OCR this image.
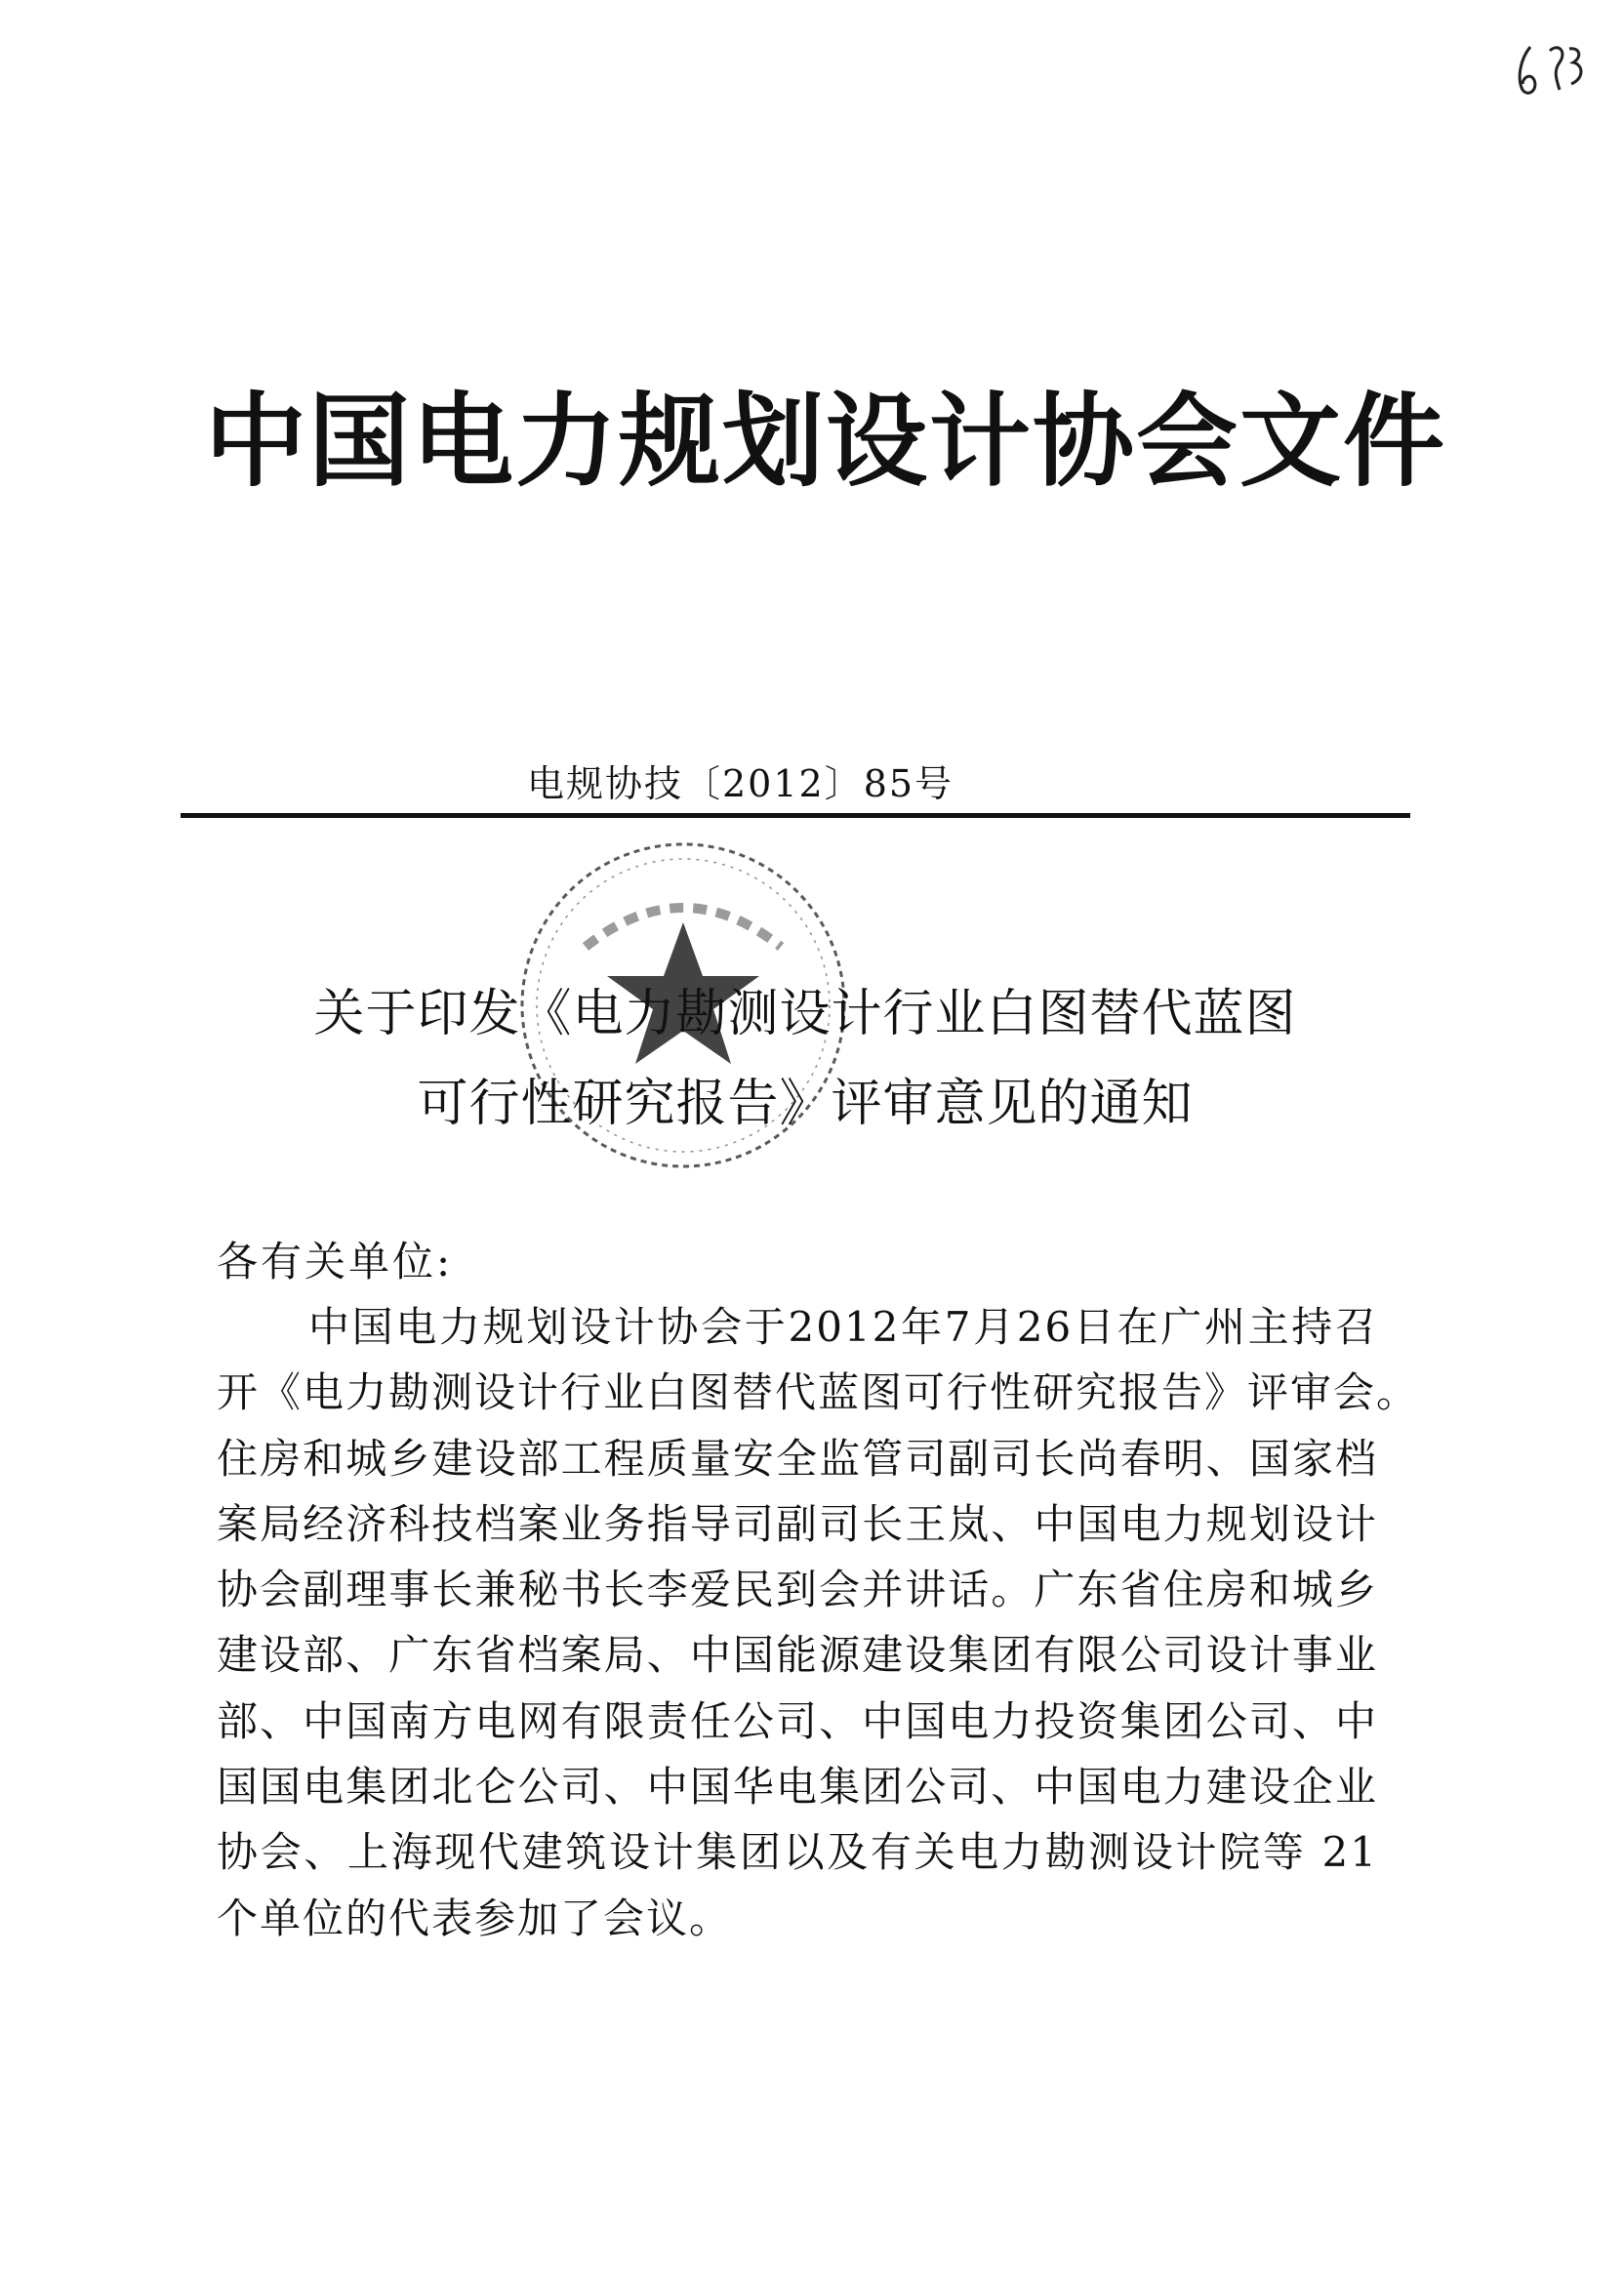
中国电力规划设计协会文件
电规协技〔2012〕85号
关于印发《电力勘测设计行业白图替代蓝图
可行性研究报告》评审意见的通知
各有关单位:
中国电力规划设计协会于2012年7月26日在广州主持召
开《电力勘测设计行业白图替代蓝图可行性研究报告》评审会。
住房和城乡建设部工程质量安全监管司副司长尚春明、国家档
案局经济科技档案业务指导司副司长王岚、中国电力规划设计
协会副理事长兼秘书长李爱民到会并讲话。广东省住房和城乡
建设部、广东省档案局、中国能源建设集团有限公司设计事业
部、中国南方电网有限责任公司、中国电力投资集团公司、中
国国电集团北仑公司、中国华电集团公司、中国电力建设企业
协会、上海现代建筑设计集团以及有关电力勘测设计院等 21
个单位的代表参加了会议。
